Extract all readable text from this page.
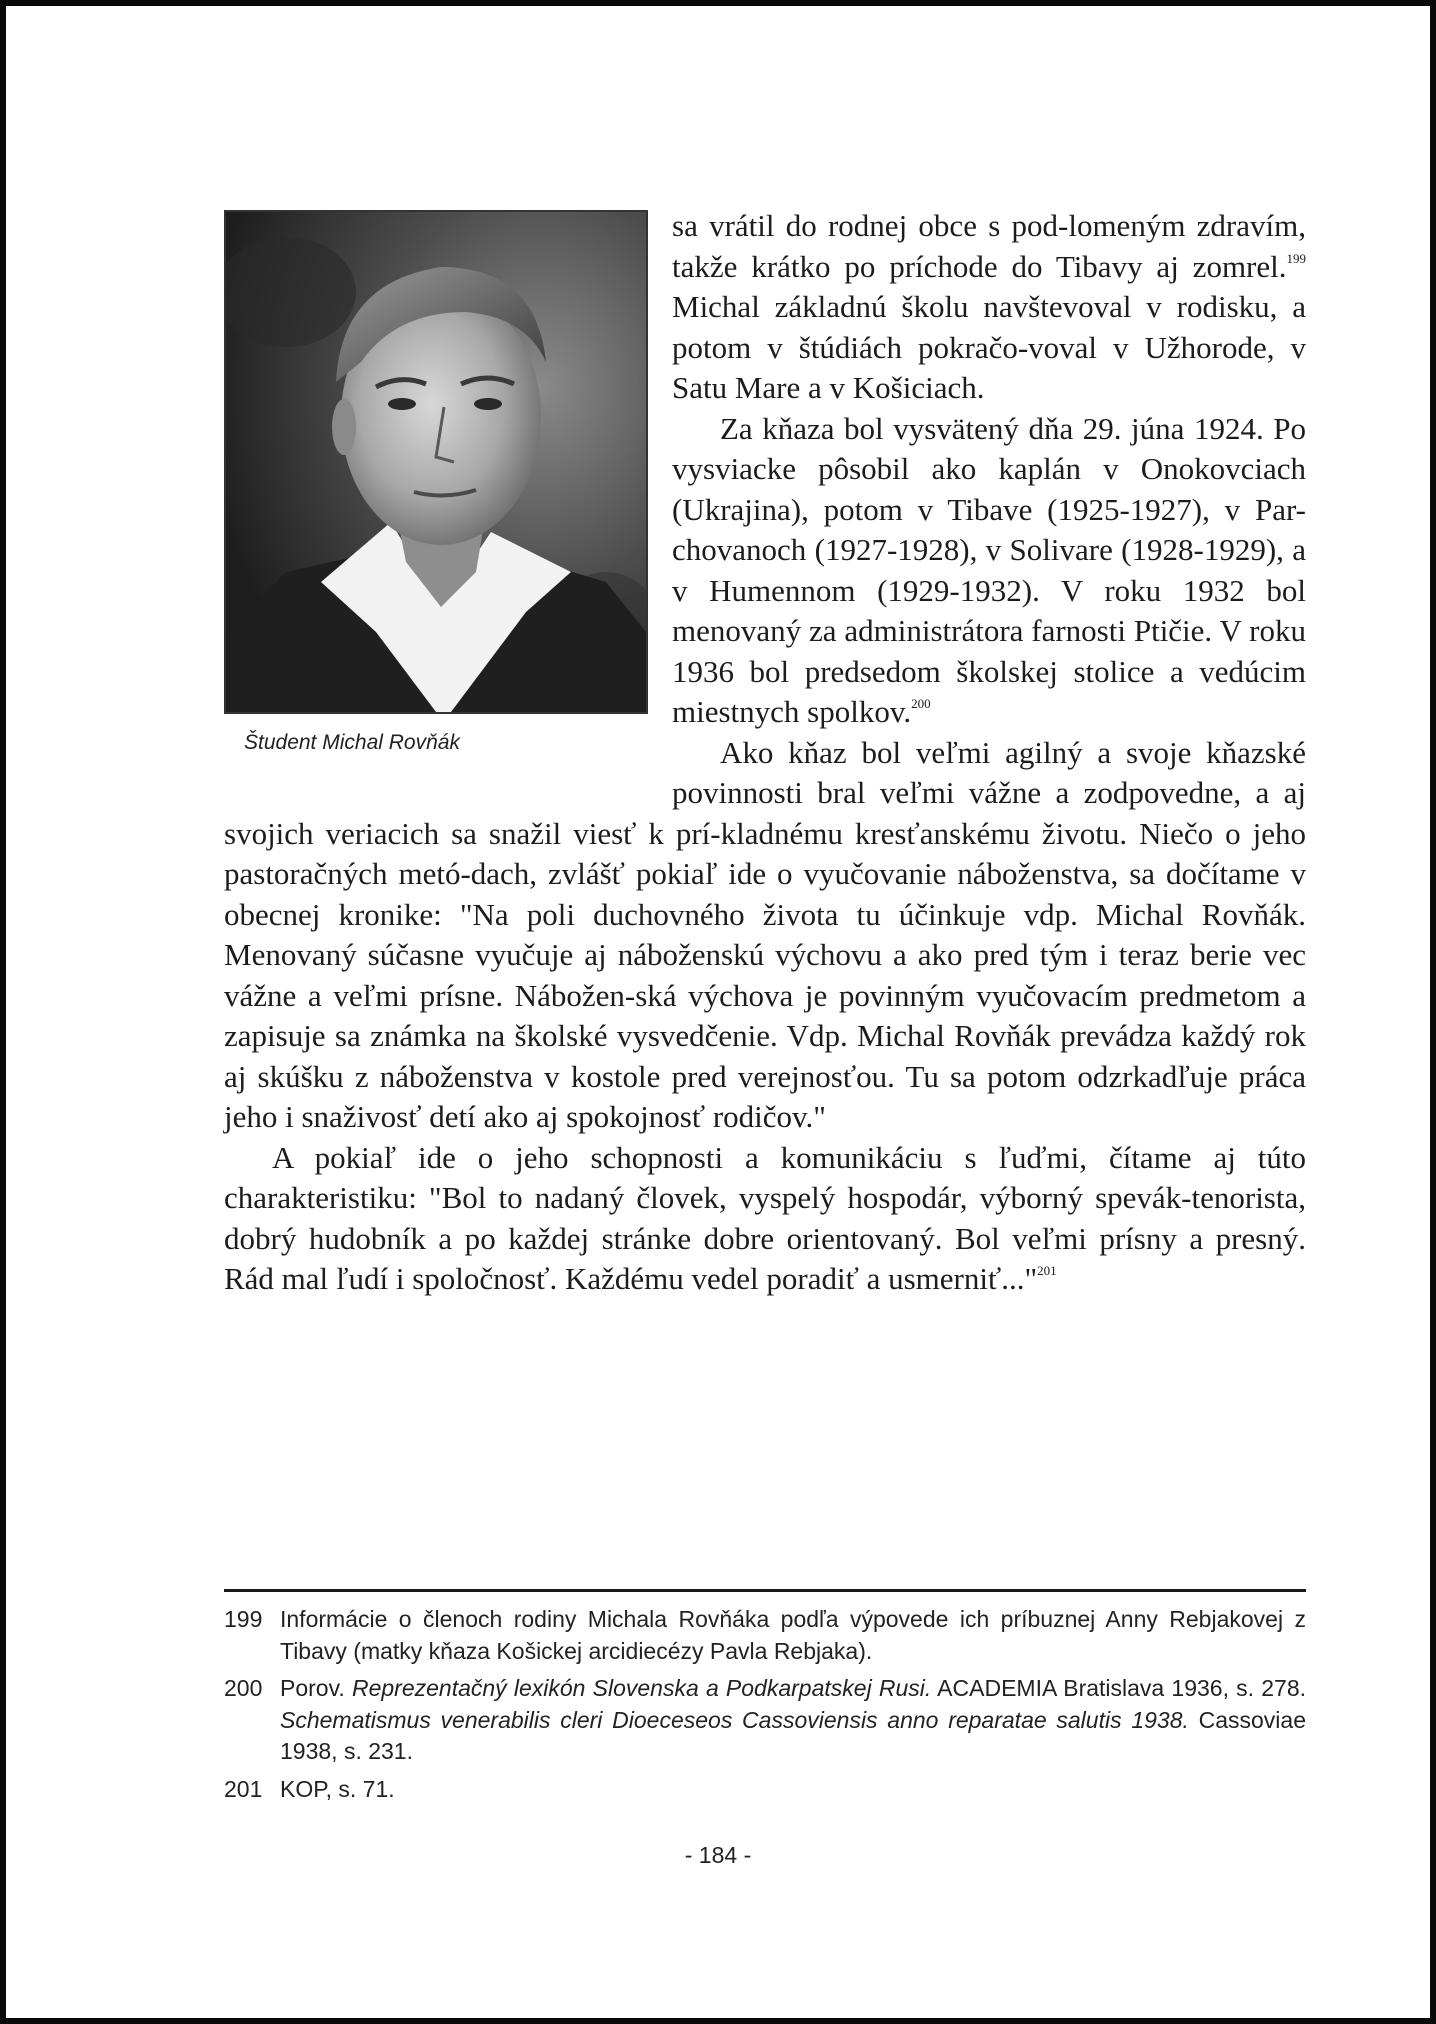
Študent Michal Rovňák

sa vrátil do rodnej obce s pod-lomeným zdravím, takže krátko po príchode do Tibavy aj zomrel.$^{199}$ Michal základnú školu navštevoval v rodisku, a potom v štúdiách pokračo-voval v Užhorode, v Satu Mare a v Košiciach.

Za kňaza bol vysvätený dňa 29. júna 1924. Po vysviacke pôsobil ako kaplán v Onokovciach (Ukrajina), potom v Tibave (1925-1927), v Par-chovanoch (1927-1928), v Solivare (1928-1929), a v Humennom (1929-1932). V roku 1932 bol menovaný za administrátora farnosti Ptičie. V roku 1936 bol predsedom školskej stolice a vedúcim miestnych spolkov.$^{200}$

Ako kňaz bol veľmi agilný a svoje kňazské povinnosti bral veľmi vážne a zodpovedne, a aj svojich veriacich sa snažil viesť k prí-kladnému kresťanskému životu. Niečo o jeho pastoračných metó-dach, zvlášť pokiaľ ide o vyučovanie náboženstva, sa dočítame v obecnej kronike: "Na poli duchovného života tu účinkuje vdp. Michal Rovňák. Menovaný súčasne vyučuje aj náboženskú výchovu a ako pred tým i teraz berie vec vážne a veľmi prísne. Nábožen-ská výchova je povinným vyučovacím predmetom a zapisuje sa známka na školské vysvedčenie. Vdp. Michal Rovňák prevádza každý rok aj skúšku z náboženstva v kostole pred verejnosťou. Tu sa potom odzrkadľuje práca jeho i snaživosť detí ako aj spokojnosť rodičov."

A pokiaľ ide o jeho schopnosti a komunikáciu s ľuďmi, čítame aj túto charakteristiku: "Bol to nadaný človek, vyspelý hospodár, výborný spevák-tenorista, dobrý hudobník a po každej stránke dobre orientovaný. Bol veľmi prísny a presný. Rád mal ľudí i spoločnosť. Každému vedel poradiť a usmerniť..."$^{201}$

199 Informácie o členoch rodiny Michala Rovňáka podľa výpovede ich príbuznej Anny Rebjakovej z Tibavy (matky kňaza Košickej arcidiecézy Pavla Rebjaka).
200 Porov. Reprezentačný lexikón Slovenska a Podkarpatskej Rusi. ACADEMIA Bratislava 1936, s. 278. Schematismus venerabilis cleri Dioeceseos Cassoviensis anno reparatae salutis 1938. Cassoviae 1938, s. 231.
201 KOP, s. 71.
- 184 -
